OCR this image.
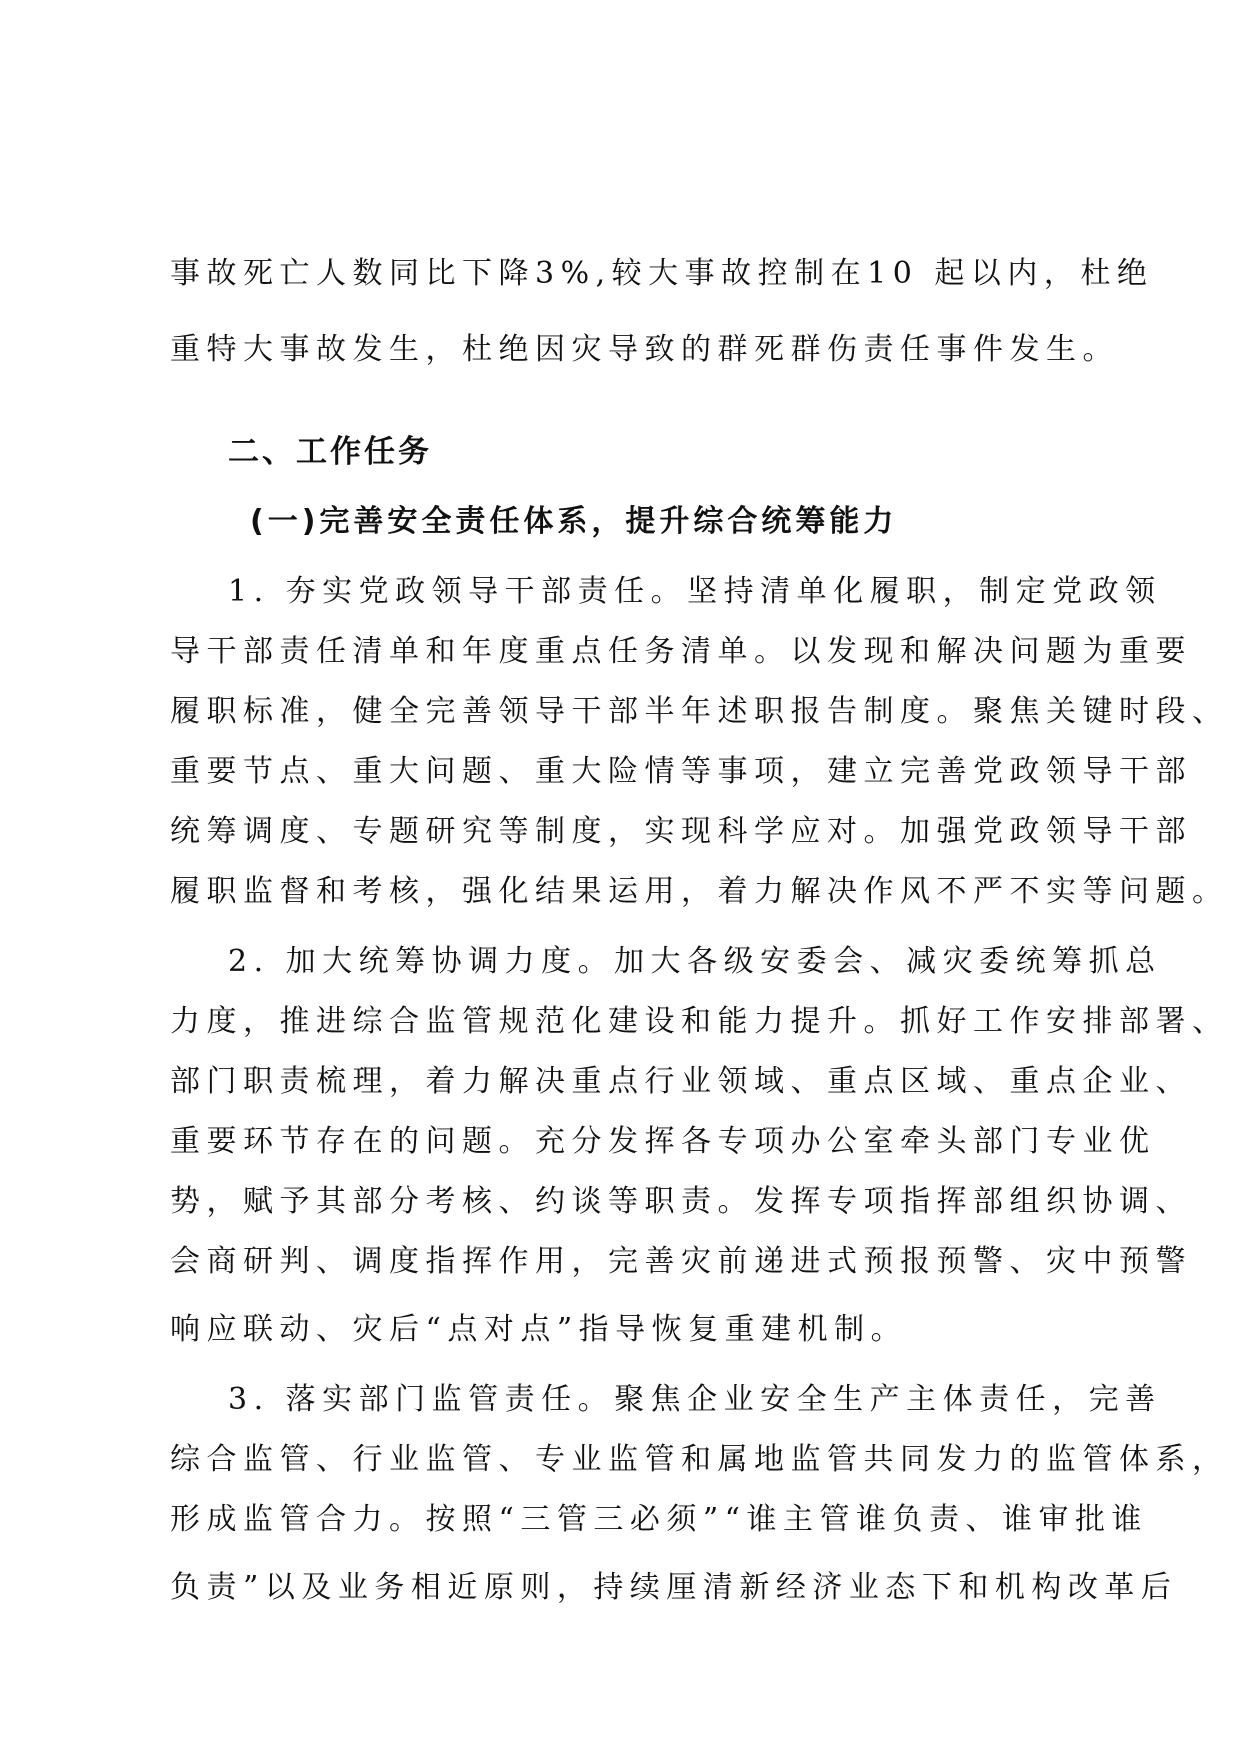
事故死亡人数同比下降3%,较大事故控制在10 起以内，杜绝
重特大事故发生，杜绝因灾导致的群死群伤责任事件发生。
二、工作任务
(一)完善安全责任体系，提升综合统筹能力
1. 夯实党政领导干部责任。坚持清单化履职，制定党政领
导干部责任清单和年度重点任务清单。以发现和解决问题为重要
履职标准，健全完善领导干部半年述职报告制度。聚焦关键时段、
重要节点、重大问题、重大险情等事项，建立完善党政领导干部
统筹调度、专题研究等制度，实现科学应对。加强党政领导干部
履职监督和考核，强化结果运用，着力解决作风不严不实等问题。
2. 加大统筹协调力度。加大各级安委会、减灾委统筹抓总
力度，推进综合监管规范化建设和能力提升。抓好工作安排部署、
部门职责梳理，着力解决重点行业领域、重点区域、重点企业、
重要环节存在的问题。充分发挥各专项办公室牵头部门专业优
势，赋予其部分考核、约谈等职责。发挥专项指挥部组织协调、
会商研判、调度指挥作用，完善灾前递进式预报预警、灾中预警
响应联动、灾后“点对点”指导恢复重建机制。
3. 落实部门监管责任。聚焦企业安全生产主体责任，完善
综合监管、行业监管、专业监管和属地监管共同发力的监管体系，
形成监管合力。按照“三管三必须”“谁主管谁负责、谁审批谁
负责”以及业务相近原则，持续厘清新经济业态下和机构改革后
